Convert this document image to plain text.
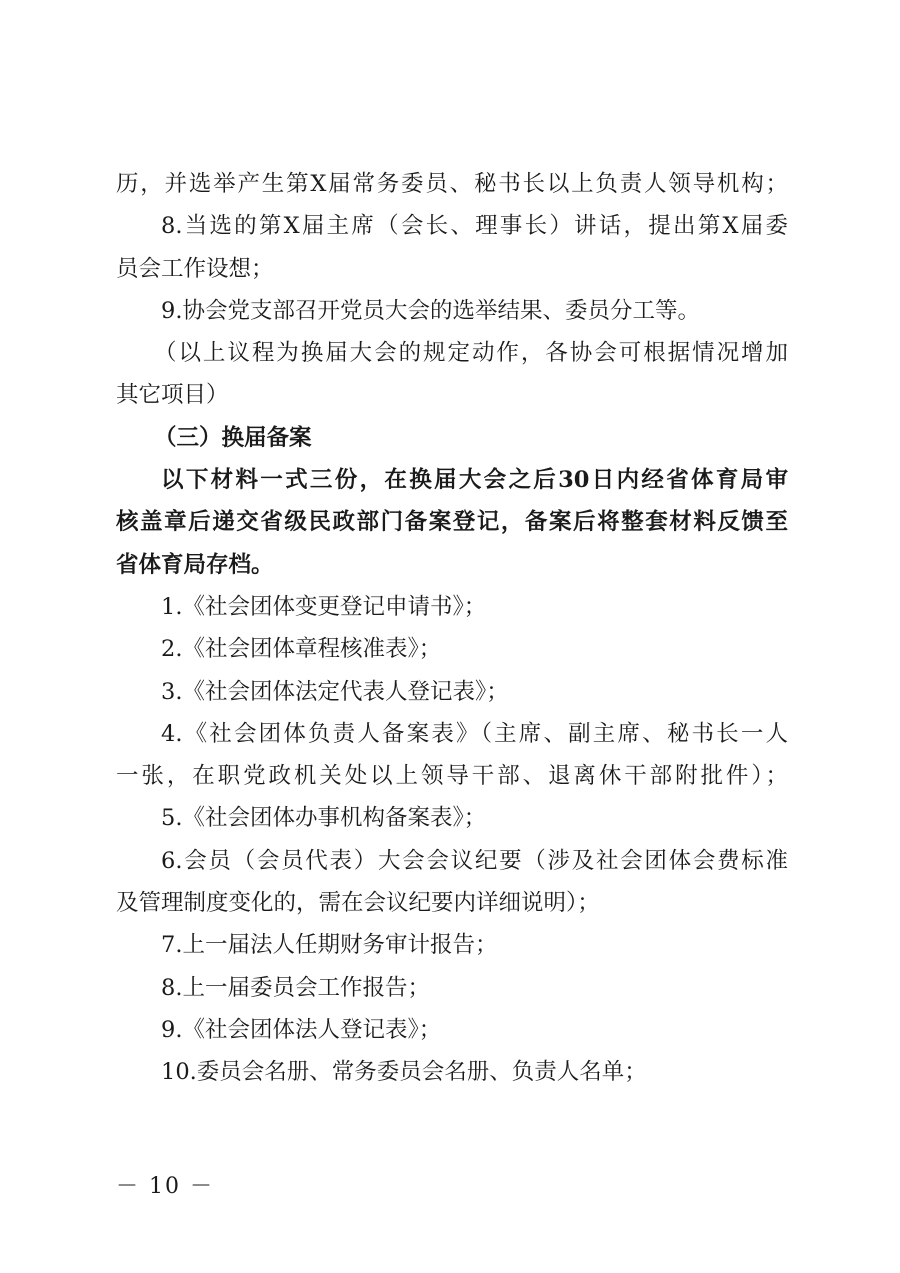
历，并选举产生第X届常务委员、秘书长以上负责人领导机构；
8.当选的第X届主席（会长、理事长）讲话，提出第X届委
员会工作设想；
9.协会党支部召开党员大会的选举结果、委员分工等。
（以上议程为换届大会的规定动作，各协会可根据情况增加
其它项目）
（三）换届备案
以下材料一式三份，在换届大会之后30日内经省体育局审
核盖章后递交省级民政部门备案登记，备案后将整套材料反馈至
省体育局存档。
1.《社会团体变更登记申请书》；
2.《社会团体章程核准表》；
3.《社会团体法定代表人登记表》；
4.《社会团体负责人备案表》（主席、副主席、秘书长一人
一张，在职党政机关处以上领导干部、退离休干部附批件）；
5.《社会团体办事机构备案表》；
6.会员（会员代表）大会会议纪要（涉及社会团体会费标准
及管理制度变化的，需在会议纪要内详细说明）；
7.上一届法人任期财务审计报告；
8.上一届委员会工作报告；
9.《社会团体法人登记表》；
10.委员会名册、常务委员会名册、负责人名单；
－ 10 －
